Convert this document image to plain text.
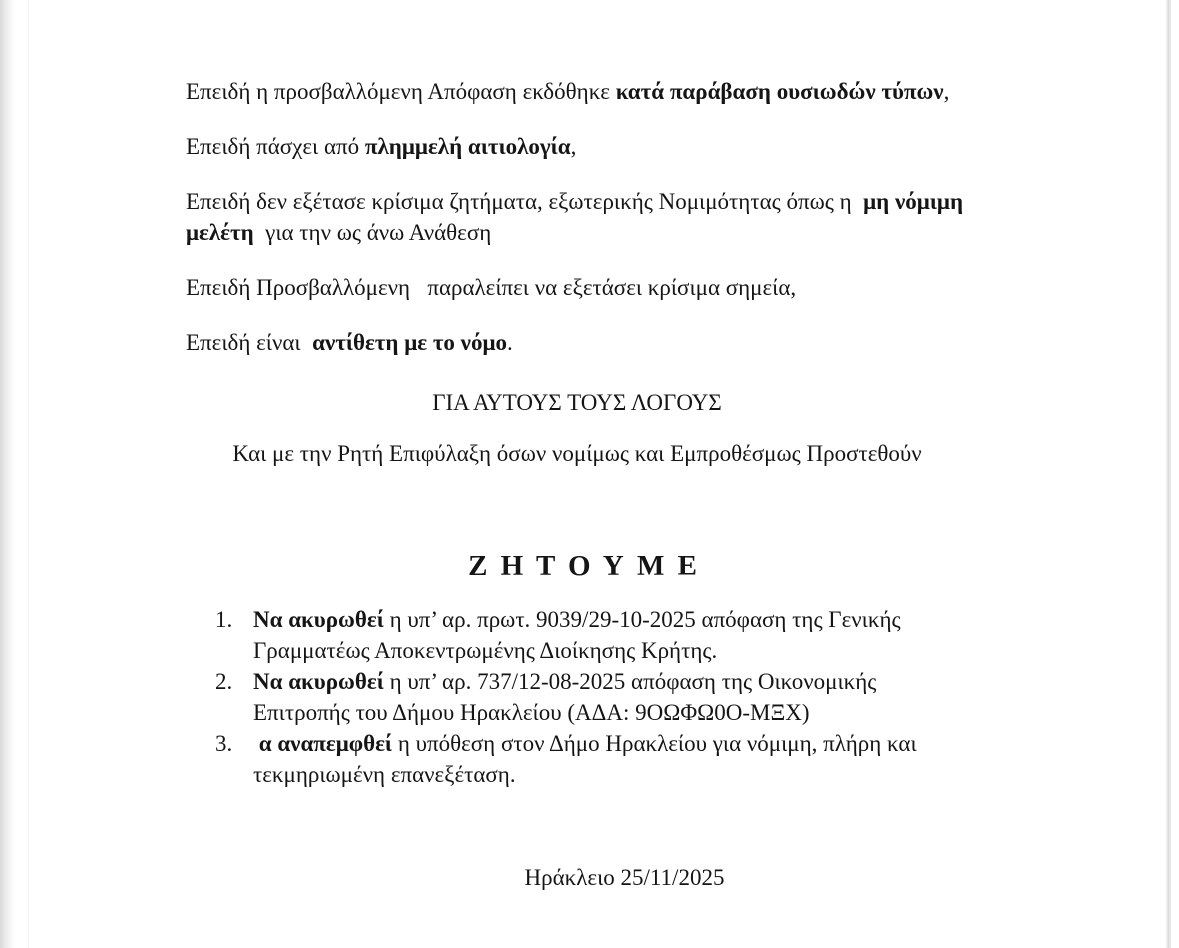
Επειδή η προσβαλλόμενη Απόφαση εκδόθηκε κατά παράβαση ουσιωδών τύπων,

Επειδή πάσχει από πλημμελή αιτιολογία,

Επειδή δεν εξέτασε κρίσιμα ζητήματα, εξωτερικής Νομιμότητας όπως η  μη νόμιμη μελέτη  για την ως άνω Ανάθεση

Επειδή Προσβαλλόμενη   παραλείπει να εξετάσει κρίσιμα σημεία,

Επειδή είναι  αντίθετη με το νόμο.

ΓΙΑ ΑΥΤΟΥΣ ΤΟΥΣ ΛΟΓΟΥΣ

Και με την Ρητή Επιφύλαξη όσων νομίμως και Εμπροθέσμως Προστεθούν

Ζ Η Τ Ο Υ Μ Ε

1. Να ακυρωθεί η υπ’ αρ. πρωτ. 9039/29-10-2025 απόφαση της Γενικής Γραμματέως Αποκεντρωμένης Διοίκησης Κρήτης.
2. Να ακυρωθεί η υπ’ αρ. 737/12-08-2025 απόφαση της Οικονομικής Επιτροπής του Δήμου Ηρακλείου (ΑΔΑ: 9ΟΩΦΩ0Ο-ΜΞΧ)
3. α αναπεμφθεί η υπόθεση στον Δήμο Ηρακλείου για νόμιμη, πλήρη και τεκμηριωμένη επανεξέταση.

Ηράκλειο 25/11/2025
